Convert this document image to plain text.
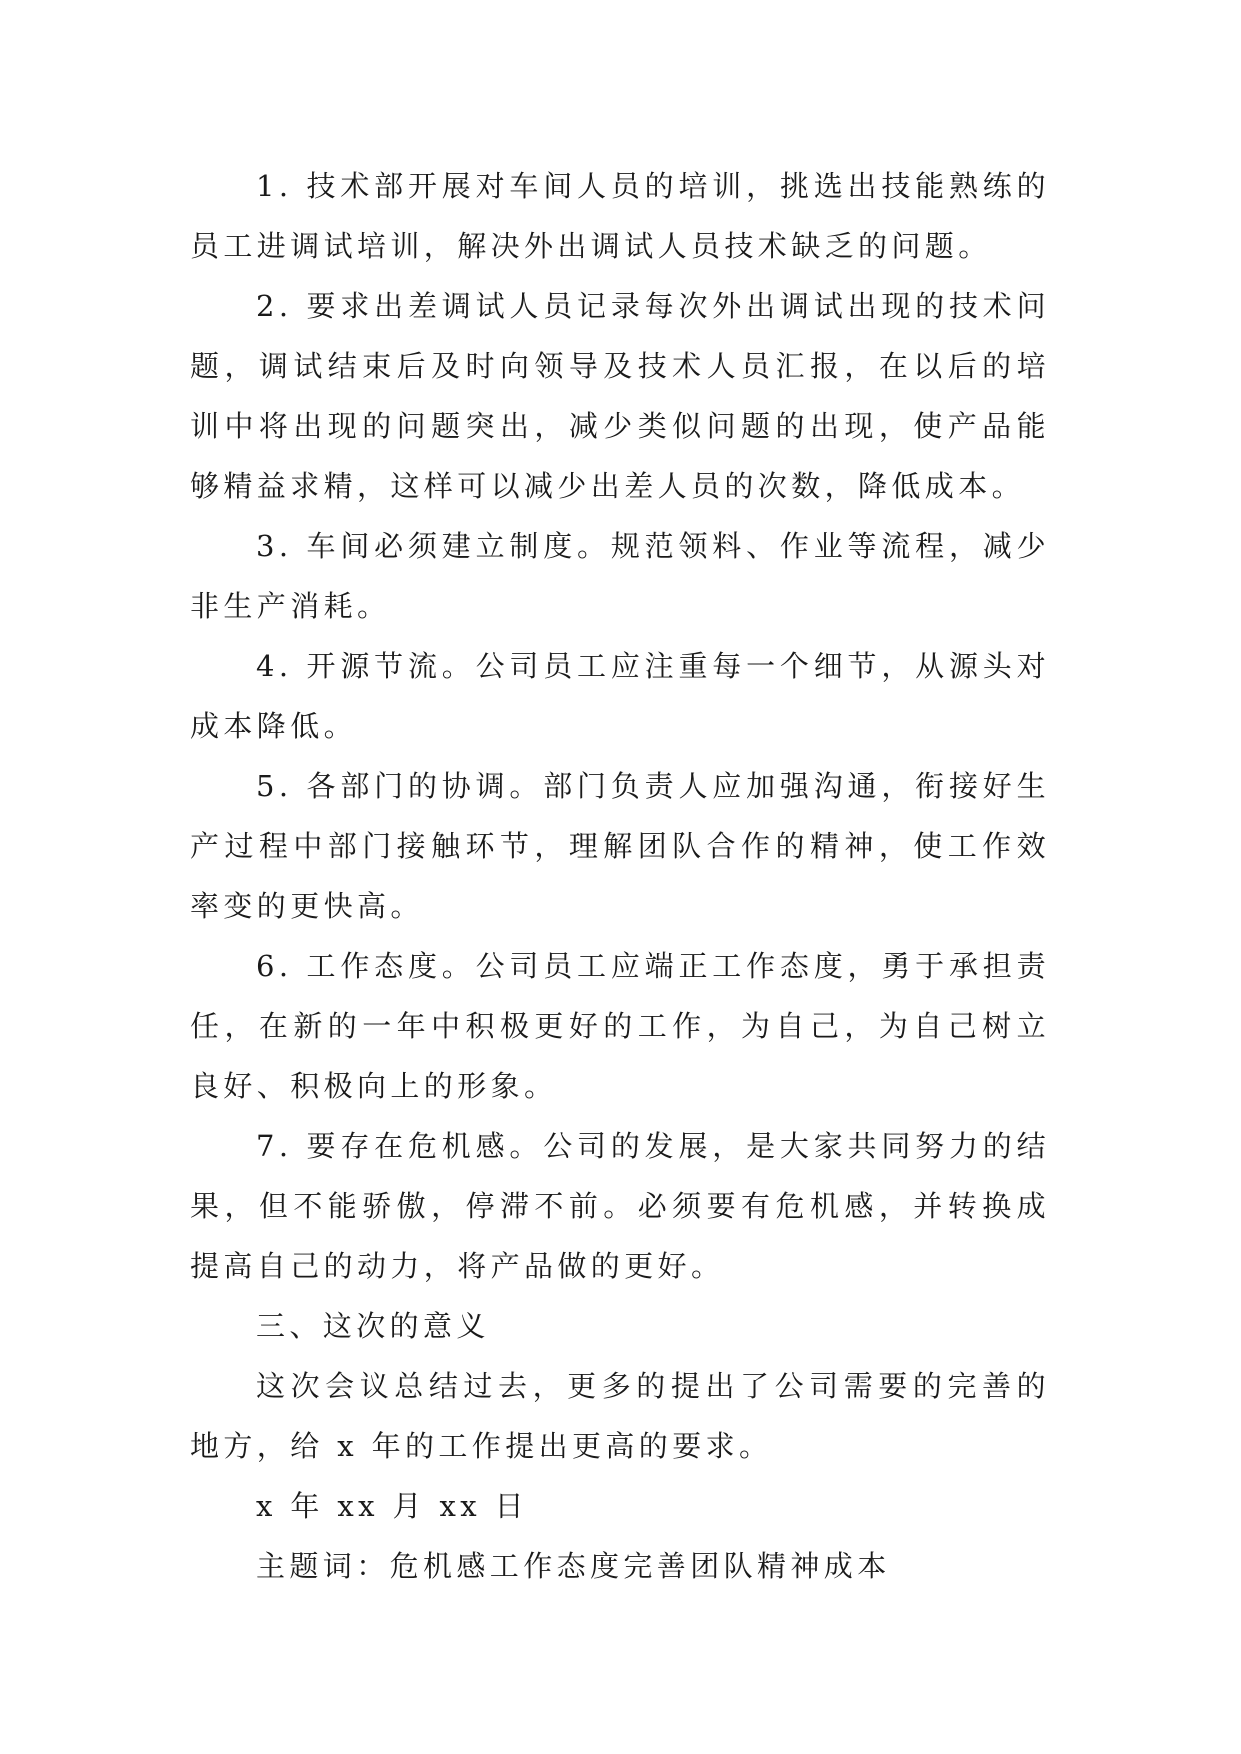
1. 技术部开展对车间人员的培训，挑选出技能熟练的员工进调试培训，解决外出调试人员技术缺乏的问题。

2. 要求出差调试人员记录每次外出调试出现的技术问题，调试结束后及时向领导及技术人员汇报，在以后的培训中将出现的问题突出，减少类似问题的出现，使产品能够精益求精，这样可以减少出差人员的次数，降低成本。

3. 车间必须建立制度。规范领料、作业等流程，减少非生产消耗。

4. 开源节流。公司员工应注重每一个细节，从源头对成本降低。

5. 各部门的协调。部门负责人应加强沟通，衔接好生产过程中部门接触环节，理解团队合作的精神，使工作效率变的更快高。

6. 工作态度。公司员工应端正工作态度，勇于承担责任，在新的一年中积极更好的工作，为自己，为自己树立良好、积极向上的形象。

7. 要存在危机感。公司的发展，是大家共同努力的结果，但不能骄傲，停滞不前。必须要有危机感，并转换成提高自己的动力，将产品做的更好。

三、这次的意义

这次会议总结过去，更多的提出了公司需要的完善的地方，给 x 年的工作提出更高的要求。

x 年 xx 月 xx 日

主题词：危机感工作态度完善团队精神成本
